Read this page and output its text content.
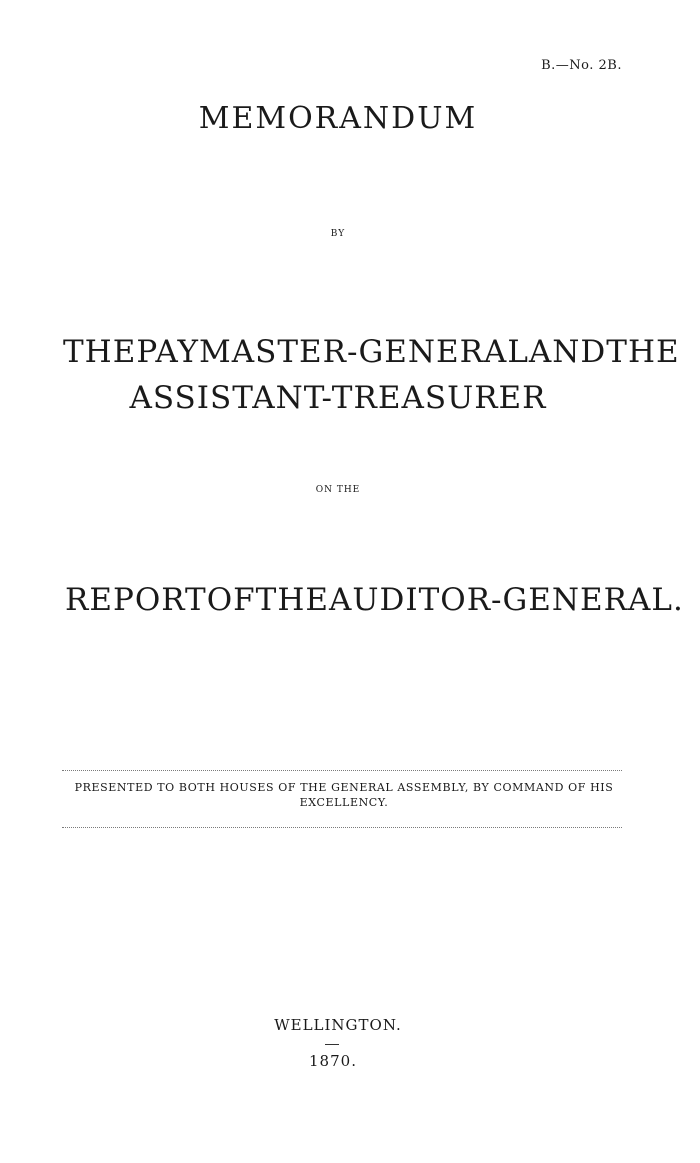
B.—No. 2B.
MEMORANDUM
BY
THE PAYMASTER-GENERAL AND THE
ASSISTANT-TREASURER
ON THE
REPORT OF THE AUDITOR-GENERAL.
PRESENTED TO BOTH HOUSES OF THE GENERAL ASSEMBLY, BY COMMAND OF HIS EXCELLENCY.
WELLINGTON.
1870.
